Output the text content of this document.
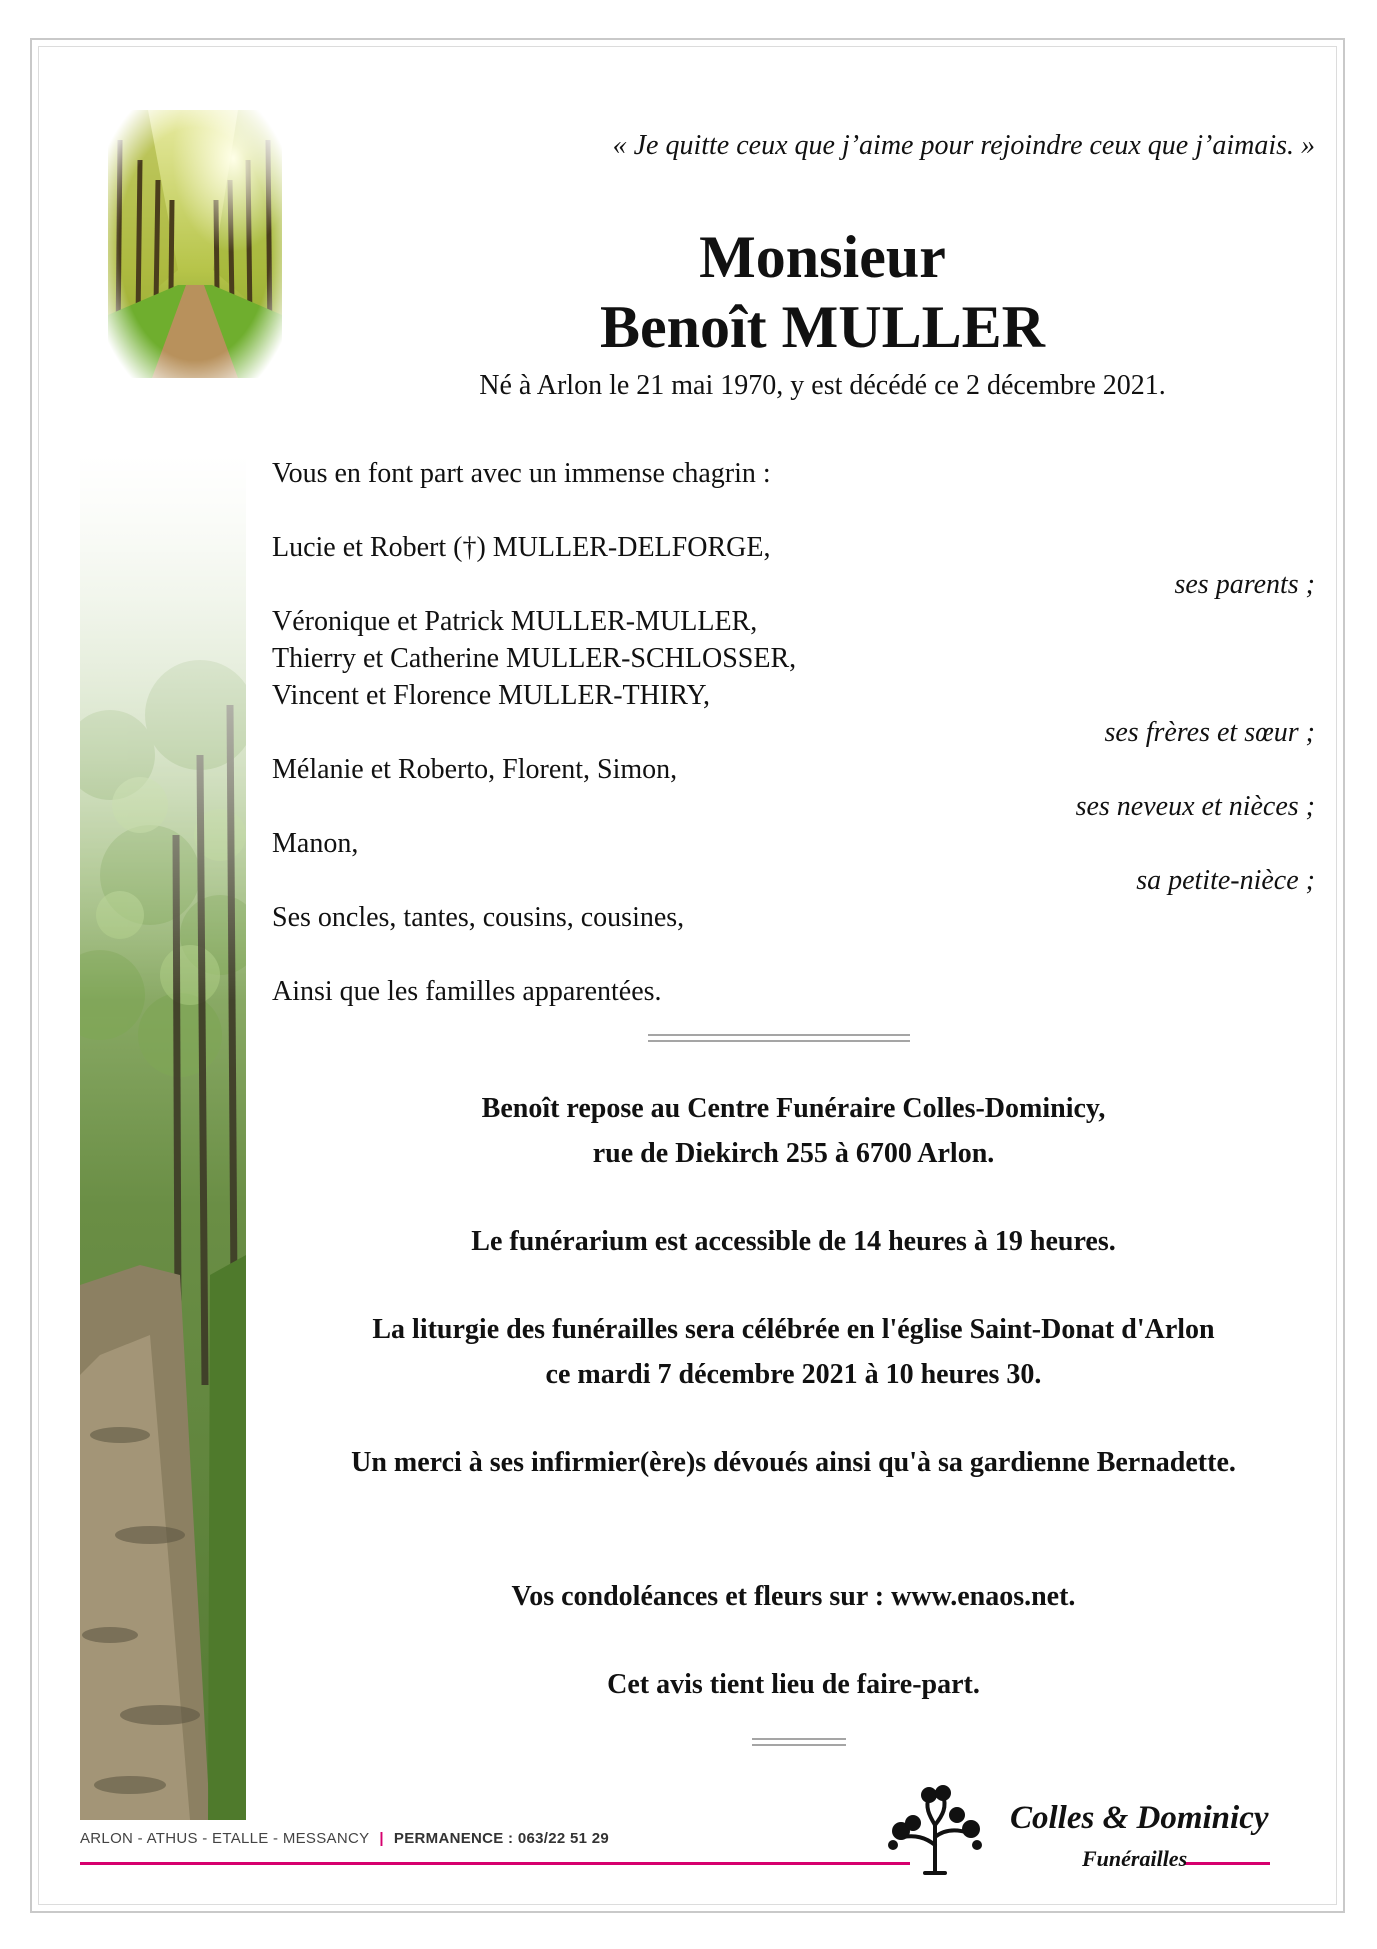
« Je quitte ceux que j’aime pour rejoindre ceux que j’aimais. »
Monsieur
Benoît MULLER
Né à Arlon le 21 mai 1970, y est décédé ce 2 décembre 2021.
Vous en font part avec un immense chagrin :
Lucie et Robert (†) MULLER-DELFORGE,
ses parents ;
Véronique et Patrick MULLER-MULLER,
Thierry et Catherine MULLER-SCHLOSSER,
Vincent et Florence MULLER-THIRY,
ses frères et sœur ;
Mélanie et Roberto, Florent, Simon,
ses neveux et nièces ;
Manon,
sa petite-nièce ;
Ses oncles, tantes, cousins, cousines,
Ainsi que les familles apparentées.
Benoît repose au Centre Funéraire Colles-Dominicy,
rue de Diekirch 255 à 6700 Arlon.
Le funérarium est accessible de 14 heures à 19 heures.
La liturgie des funérailles sera célébrée en l'église Saint-Donat d'Arlon
ce mardi 7 décembre 2021 à 10 heures 30.
Un merci à ses infirmier(ère)s dévoués ainsi qu'à sa gardienne Bernadette.
Vos condoléances et fleurs sur : www.enaos.net.
Cet avis tient lieu de faire-part.
ARLON - ATHUS - ETALLE - MESSANCY | PERMANENCE : 063/22 51 29
Colles & Dominicy
Funérailles
